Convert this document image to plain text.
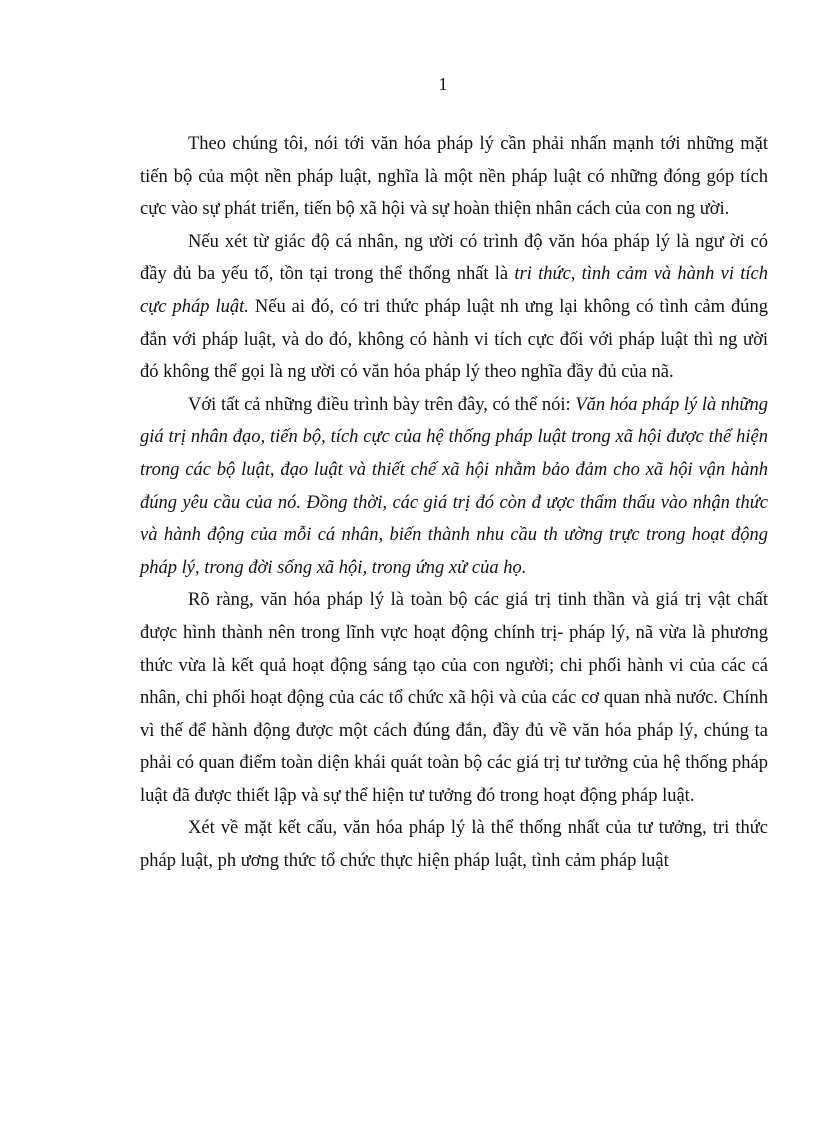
1

Theo chúng tôi, nói tới văn hóa pháp lý cần phải nhấn mạnh tới những mặt tiến bộ của một nền pháp luật, nghĩa là một nền pháp luật có những đóng góp tích cực vào sự phát triển, tiến bộ xã hội và sự hoàn thiện nhân cách của con ng ười.

Nếu xét từ giác độ cá nhân, ng ười có trình độ văn hóa pháp lý là ngư ời có đầy đủ ba yếu tố, tồn tại trong thể thống nhất là tri thức, tình cảm và hành vi tích cực pháp luật. Nếu ai đó, có tri thức pháp luật nh ưng lại không có tình cảm đúng đắn với pháp luật, và do đó, không có hành vi tích cực đối với pháp luật thì ng ười đó không thể gọi là ng ười có văn hóa pháp lý theo nghĩa đầy đủ của nã.

Với tất cả những điều trình bày trên đây, có thể nói: Văn hóa pháp lý là những giá trị nhân đạo, tiến bộ, tích cực của hệ thống pháp luật trong xã hội được thể hiện trong các bộ luật, đạo luật và thiết chế xã hội nhằm bảo đảm cho xã hội vận hành đúng yêu cầu của nó. Đồng thời, các giá trị đó còn đ ược thẩm thấu vào nhận thức và hành động của mỗi cá nhân, biến thành nhu cầu th ường trực trong hoạt động pháp lý, trong đời sống xã hội, trong ứng xử của họ.

Rõ ràng, văn hóa pháp lý là toàn bộ các giá trị tinh thần và giá trị vật chất được hình thành nên trong lĩnh vực hoạt động chính trị- pháp lý, nã vừa là phương thức vừa là kết quả hoạt động sáng tạo của con người; chi phối hành vi của các cá nhân, chi phối hoạt động của các tổ chức xã hội và của các cơ quan nhà nước. Chính vì thế để hành động được một cách đúng đắn, đầy đủ về văn hóa pháp lý, chúng ta phải có quan điểm toàn diện khái quát toàn bộ các giá trị tư tưởng của hệ thống pháp luật đã được thiết lập và sự thể hiện tư tưởng đó trong hoạt động pháp luật.

Xét về mặt kết cấu, văn hóa pháp lý là thể thống nhất của tư tưởng, tri thức pháp luật, ph ương thức tổ chức thực hiện pháp luật, tình cảm pháp luật
